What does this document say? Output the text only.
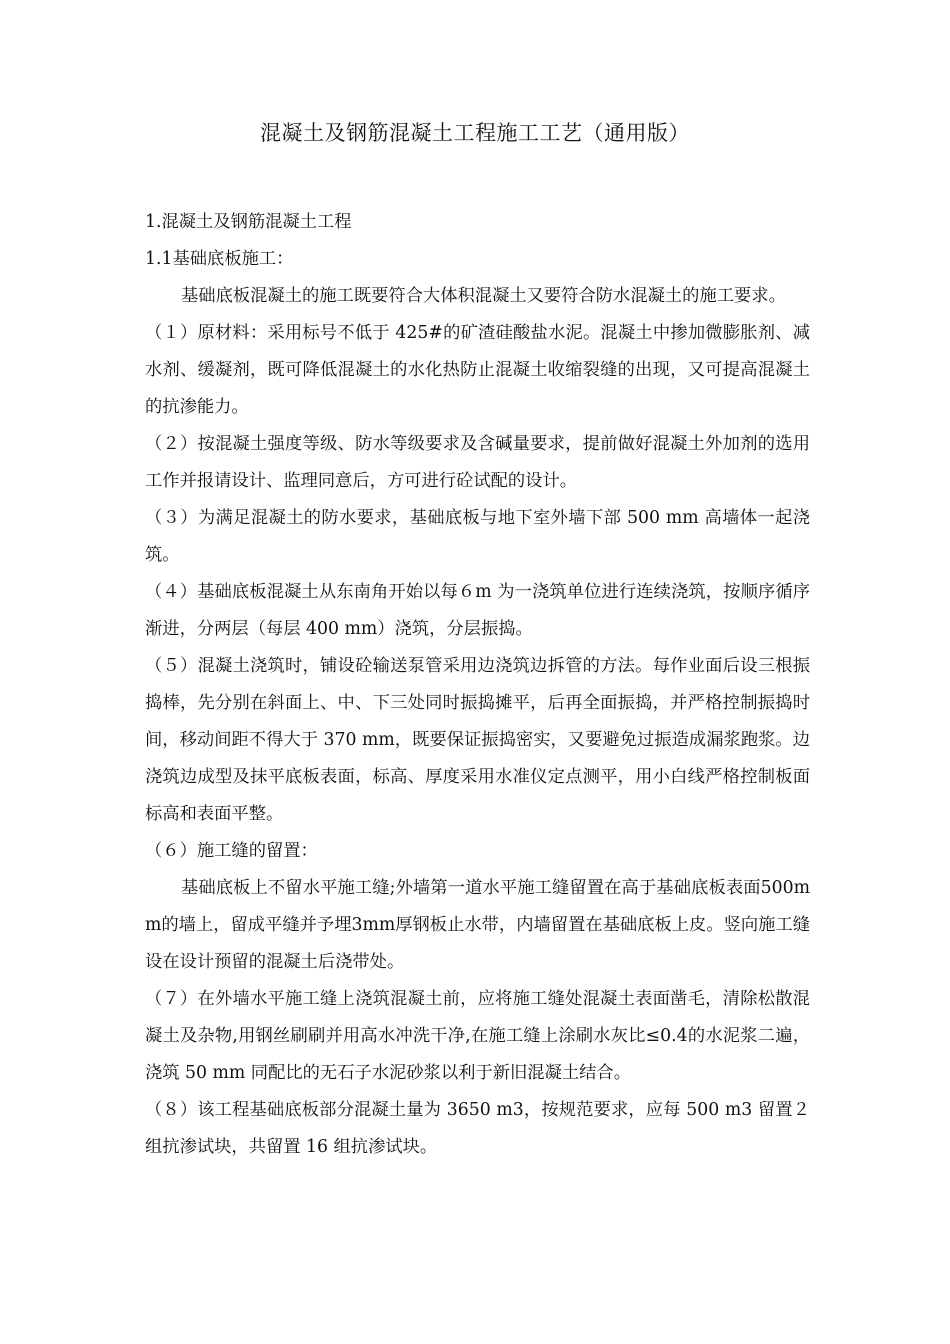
混凝土及钢筋混凝土工程施工工艺（通用版）

1.混凝土及钢筋混凝土工程

1.1基础底板施工：

基础底板混凝土的施工既要符合大体积混凝土又要符合防水混凝土的施工要求。

（１）原材料：采用标号不低于 425#的矿渣硅酸盐水泥。混凝土中掺加微膨胀剂、减水剂、缓凝剂，既可降低混凝土的水化热防止混凝土收缩裂缝的出现，又可提高混凝土的抗渗能力。

（２）按混凝土强度等级、防水等级要求及含碱量要求，提前做好混凝土外加剂的选用工作并报请设计、监理同意后，方可进行砼试配的设计。

（３）为满足混凝土的防水要求，基础底板与地下室外墙下部 500 mm 高墙体一起浇筑。

（４）基础底板混凝土从东南角开始以每６m 为一浇筑单位进行连续浇筑，按顺序循序渐进，分两层（每层 400 mm）浇筑，分层振捣。

（５）混凝土浇筑时，铺设砼输送泵管采用边浇筑边拆管的方法。每作业面后设三根振捣棒，先分别在斜面上、中、下三处同时振捣摊平，后再全面振捣，并严格控制振捣时间，移动间距不得大于 370 mm，既要保证振捣密实，又要避免过振造成漏浆跑浆。边浇筑边成型及抹平底板表面，标高、厚度采用水准仪定点测平，用小白线严格控制板面标高和表面平整。

（６）施工缝的留置：

基础底板上不留水平施工缝;外墙第一道水平施工缝留置在高于基础底板表面500mm的墙上，留成平缝并予埋3mm厚钢板止水带，内墙留置在基础底板上皮。竖向施工缝设在设计预留的混凝土后浇带处。

（７）在外墙水平施工缝上浇筑混凝土前，应将施工缝处混凝土表面凿毛，清除松散混凝土及杂物,用钢丝刷刷并用高水冲洗干净,在施工缝上涂刷水灰比≤0.4的水泥浆二遍，浇筑 50 mm 同配比的无石子水泥砂浆以利于新旧混凝土结合。

（８）该工程基础底板部分混凝土量为 3650 m3，按规范要求，应每 500 m3 留置２组抗渗试块，共留置 16 组抗渗试块。
